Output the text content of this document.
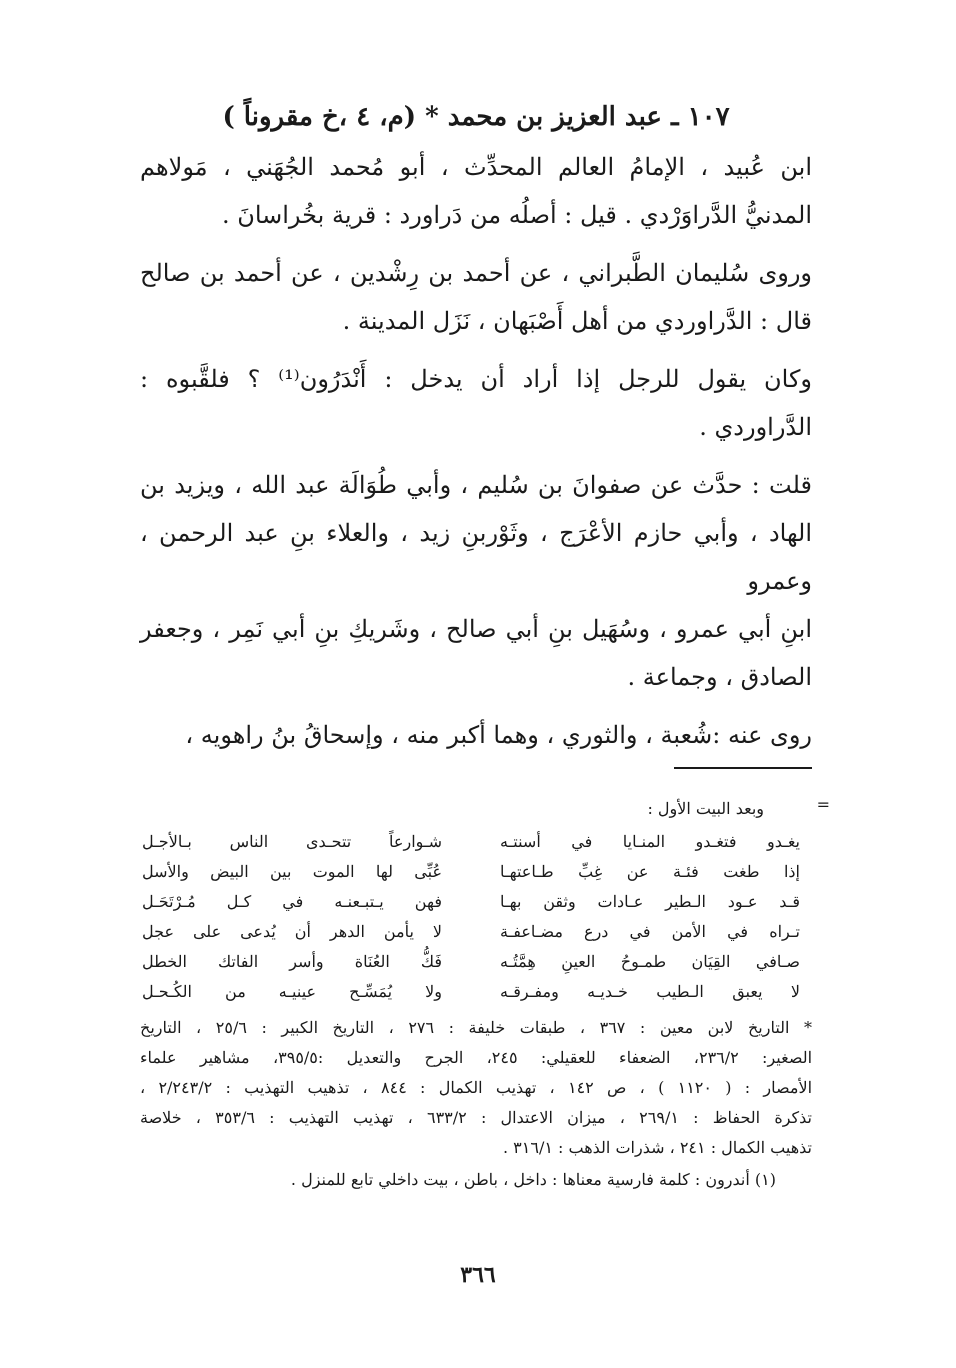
١٠٧ ـ عبد العزيز بن محمد * (م، ٤ ،خ مقروناً )
ابن عُبيد ، الإمامُ العالم المحدِّث ، أبو مُحمد الجُهَني ، مَولاهم
المدنيُّ الدَّراوَرْدي . قيل : أصلُه من دَراورد : قرية بخُراسانَ .
وروى سُليمان الطَّبراني ، عن أحمد بن رِشْدين ، عن أحمد بن صالح
قال : الدَّراوردي من أهل أَصْبَهان ، نَزَل المدينة .
وكان يقول للرجل إذا أراد أن يدخل : أَنْدَرُون⁽¹⁾ ؟ فلقَّبوه :
الدَّراوردي .
قلت : حدَّث عن صفوانَ بن سُليم ، وأبي طُوَالَة عبد الله ، ويزيد بن
الهاد ، وأبي حازم الأعْرَج ، وثَوْربنِ زيد ، والعلاء بنِ عبد الرحمن ، وعمرو
ابنِ أبي عمرو ، وسُهَيل بنِ أبي صالح ، وشَريكِ بنِ أبي نَمِر ، وجعفر
الصادق ، وجماعة .
روى عنه :شُعبة ، والثوري ، وهما أكبر منه ، وإسحاقُ بنُ راهويه ،
=
وبعد البيت الأول :
يغـدو فتغـدو المنـايا في أسنتـه
شـوارعاً تتحـدى الناس بـالأجـل
إذا طغت فئـة عن غِبِّ طـاعتهـا
عُبِّى لها الموت بين البيض والأسل
قـد عـود الـطير عـادات وثقن بهـا
فهن يـتبـعنـه في كـل مُـرْتَحَـل
تـراه في الأمن في درع مضـاعفـة
لا يأمن الدهر أن يُدعى على عجل
صـافي القِيَان طمـوحُ العينِ هِمَّتُـه
فَكُّ العُنَاة وأسر الفاتك الخطل
لا يعبق الـطيب خـديـه ومفـرقـه
ولا يُمَسِّـح عينيـه من الكُـحـل
* التاريخ لابن معين : ٣٦٧ ، طبقات خليفة : ٢٧٦ ، التاريخ الكبير : ٢٥/٦ ، التاريخ
الصغير: ٢٣٦/٢، الضعفاء للعقيلي: ٢٤٥، الجرح والتعديل :٣٩٥/٥، مشاهير علماء
الأمصار : ( ١١٢٠ ) ، ص ١٤٢ ، تهذيب الكمال : ٨٤٤ ، تذهيب التهذيب : ٢/٢٤٣/٢ ،
تذكرة الحفاظ : ٢٦٩/١ ، ميزان الاعتدال : ٦٣٣/٢ ، تهذيب التهذيب : ٣٥٣/٦ ، خلاصة
تذهيب الكمال : ٢٤١ ، شذرات الذهب : ٣١٦/١ .
(١) أندرون : كلمة فارسية معناها : داخل ، باطن ، بيت داخلي تابع للمنزل .
٣٦٦
